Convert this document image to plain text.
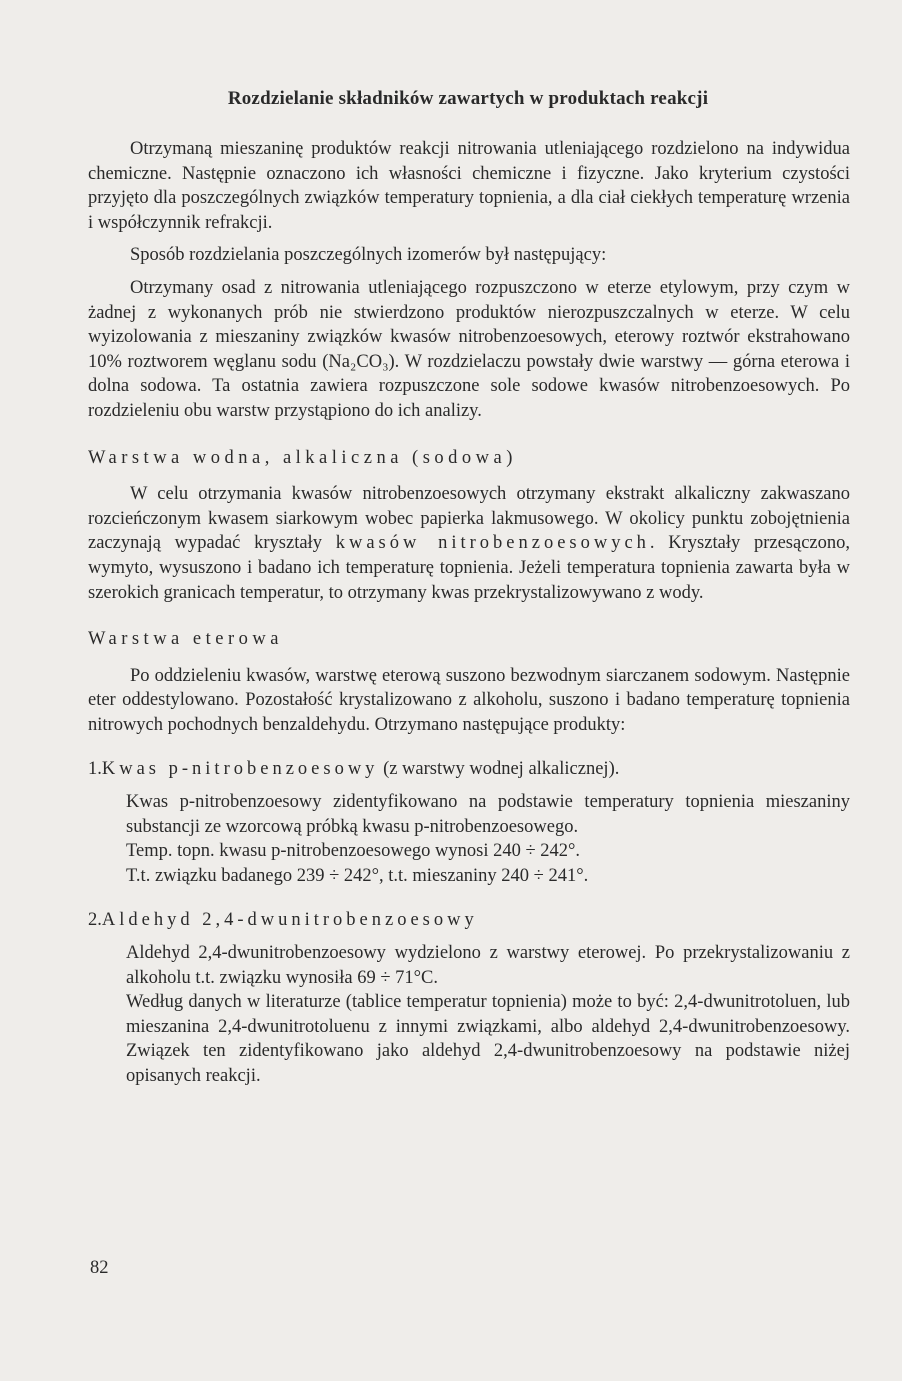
Rozdzielanie składników zawartych w produktach reakcji

Otrzymaną mieszaninę produktów reakcji nitrowania utleniającego rozdzielono na indywidua chemiczne. Następnie oznaczono ich własności chemiczne i fizyczne. Jako kryterium czystości przyjęto dla poszczególnych związków temperatury topnienia, a dla ciał ciekłych temperaturę wrzenia i współczynnik refrakcji.

Sposób rozdzielania poszczególnych izomerów był następujący:

Otrzymany osad z nitrowania utleniającego rozpuszczono w eterze etylowym, przy czym w żadnej z wykonanych prób nie stwierdzono produktów nierozpuszczalnych w eterze. W celu wyizolowania z mieszaniny związków kwasów nitrobenzoesowych, eterowy roztwór ekstrahowano 10% roztworem węglanu sodu (Na₂CO₃). W rozdzielaczu powstały dwie warstwy — górna eterowa i dolna sodowa. Ta ostatnia zawiera rozpuszczone sole sodowe kwasów nitrobenzoesowych. Po rozdzieleniu obu warstw przystąpiono do ich analizy.

Warstwa wodna, alkaliczna (sodowa)

W celu otrzymania kwasów nitrobenzoesowych otrzymany ekstrakt alkaliczny zakwaszano rozcieńczonym kwasem siarkowym wobec papierka lakmusowego. W okolicy punktu zobojętnienia zaczynają wypadać kryształy kwasów nitrobenzoesowych. Kryształy przesączono, wymyto, wysuszono i badano ich temperaturę topnienia. Jeżeli temperatura topnienia zawarta była w szerokich granicach temperatur, to otrzymany kwas przekrystalizowywano z wody.

Warstwa eterowa

Po oddzieleniu kwasów, warstwę eterową suszono bezwodnym siarczanem sodowym. Następnie eter oddestylowano. Pozostałość krystalizowano z alkoholu, suszono i badano temperaturę topnienia nitrowych pochodnych benzaldehydu. Otrzymano następujące produkty:

1.Kwas p-nitrobenzoesowy (z warstwy wodnej alkalicznej).

Kwas p-nitrobenzoesowy zidentyfikowano na podstawie temperatury topnienia mieszaniny substancji ze wzorcową próbką kwasu p-nitrobenzoesowego.

Temp. topn. kwasu p-nitrobenzoesowego wynosi 240 ÷ 242°.

T.t. związku badanego 239 ÷ 242°, t.t. mieszaniny 240 ÷ 241°.

2.Aldehyd 2,4-dwunitrobenzoesowy

Aldehyd 2,4-dwunitrobenzoesowy wydzielono z warstwy eterowej. Po przekrystalizowaniu z alkoholu t.t. związku wynosiła 69 ÷ 71°C.

Według danych w literaturze (tablice temperatur topnienia) może to być: 2,4-dwunitrotoluen, lub mieszanina 2,4-dwunitrotoluenu z innymi związkami, albo aldehyd 2,4-dwunitrobenzoesowy. Związek ten zidentyfikowano jako aldehyd 2,4-dwunitrobenzoesowy na podstawie niżej opisanych reakcji.

82
